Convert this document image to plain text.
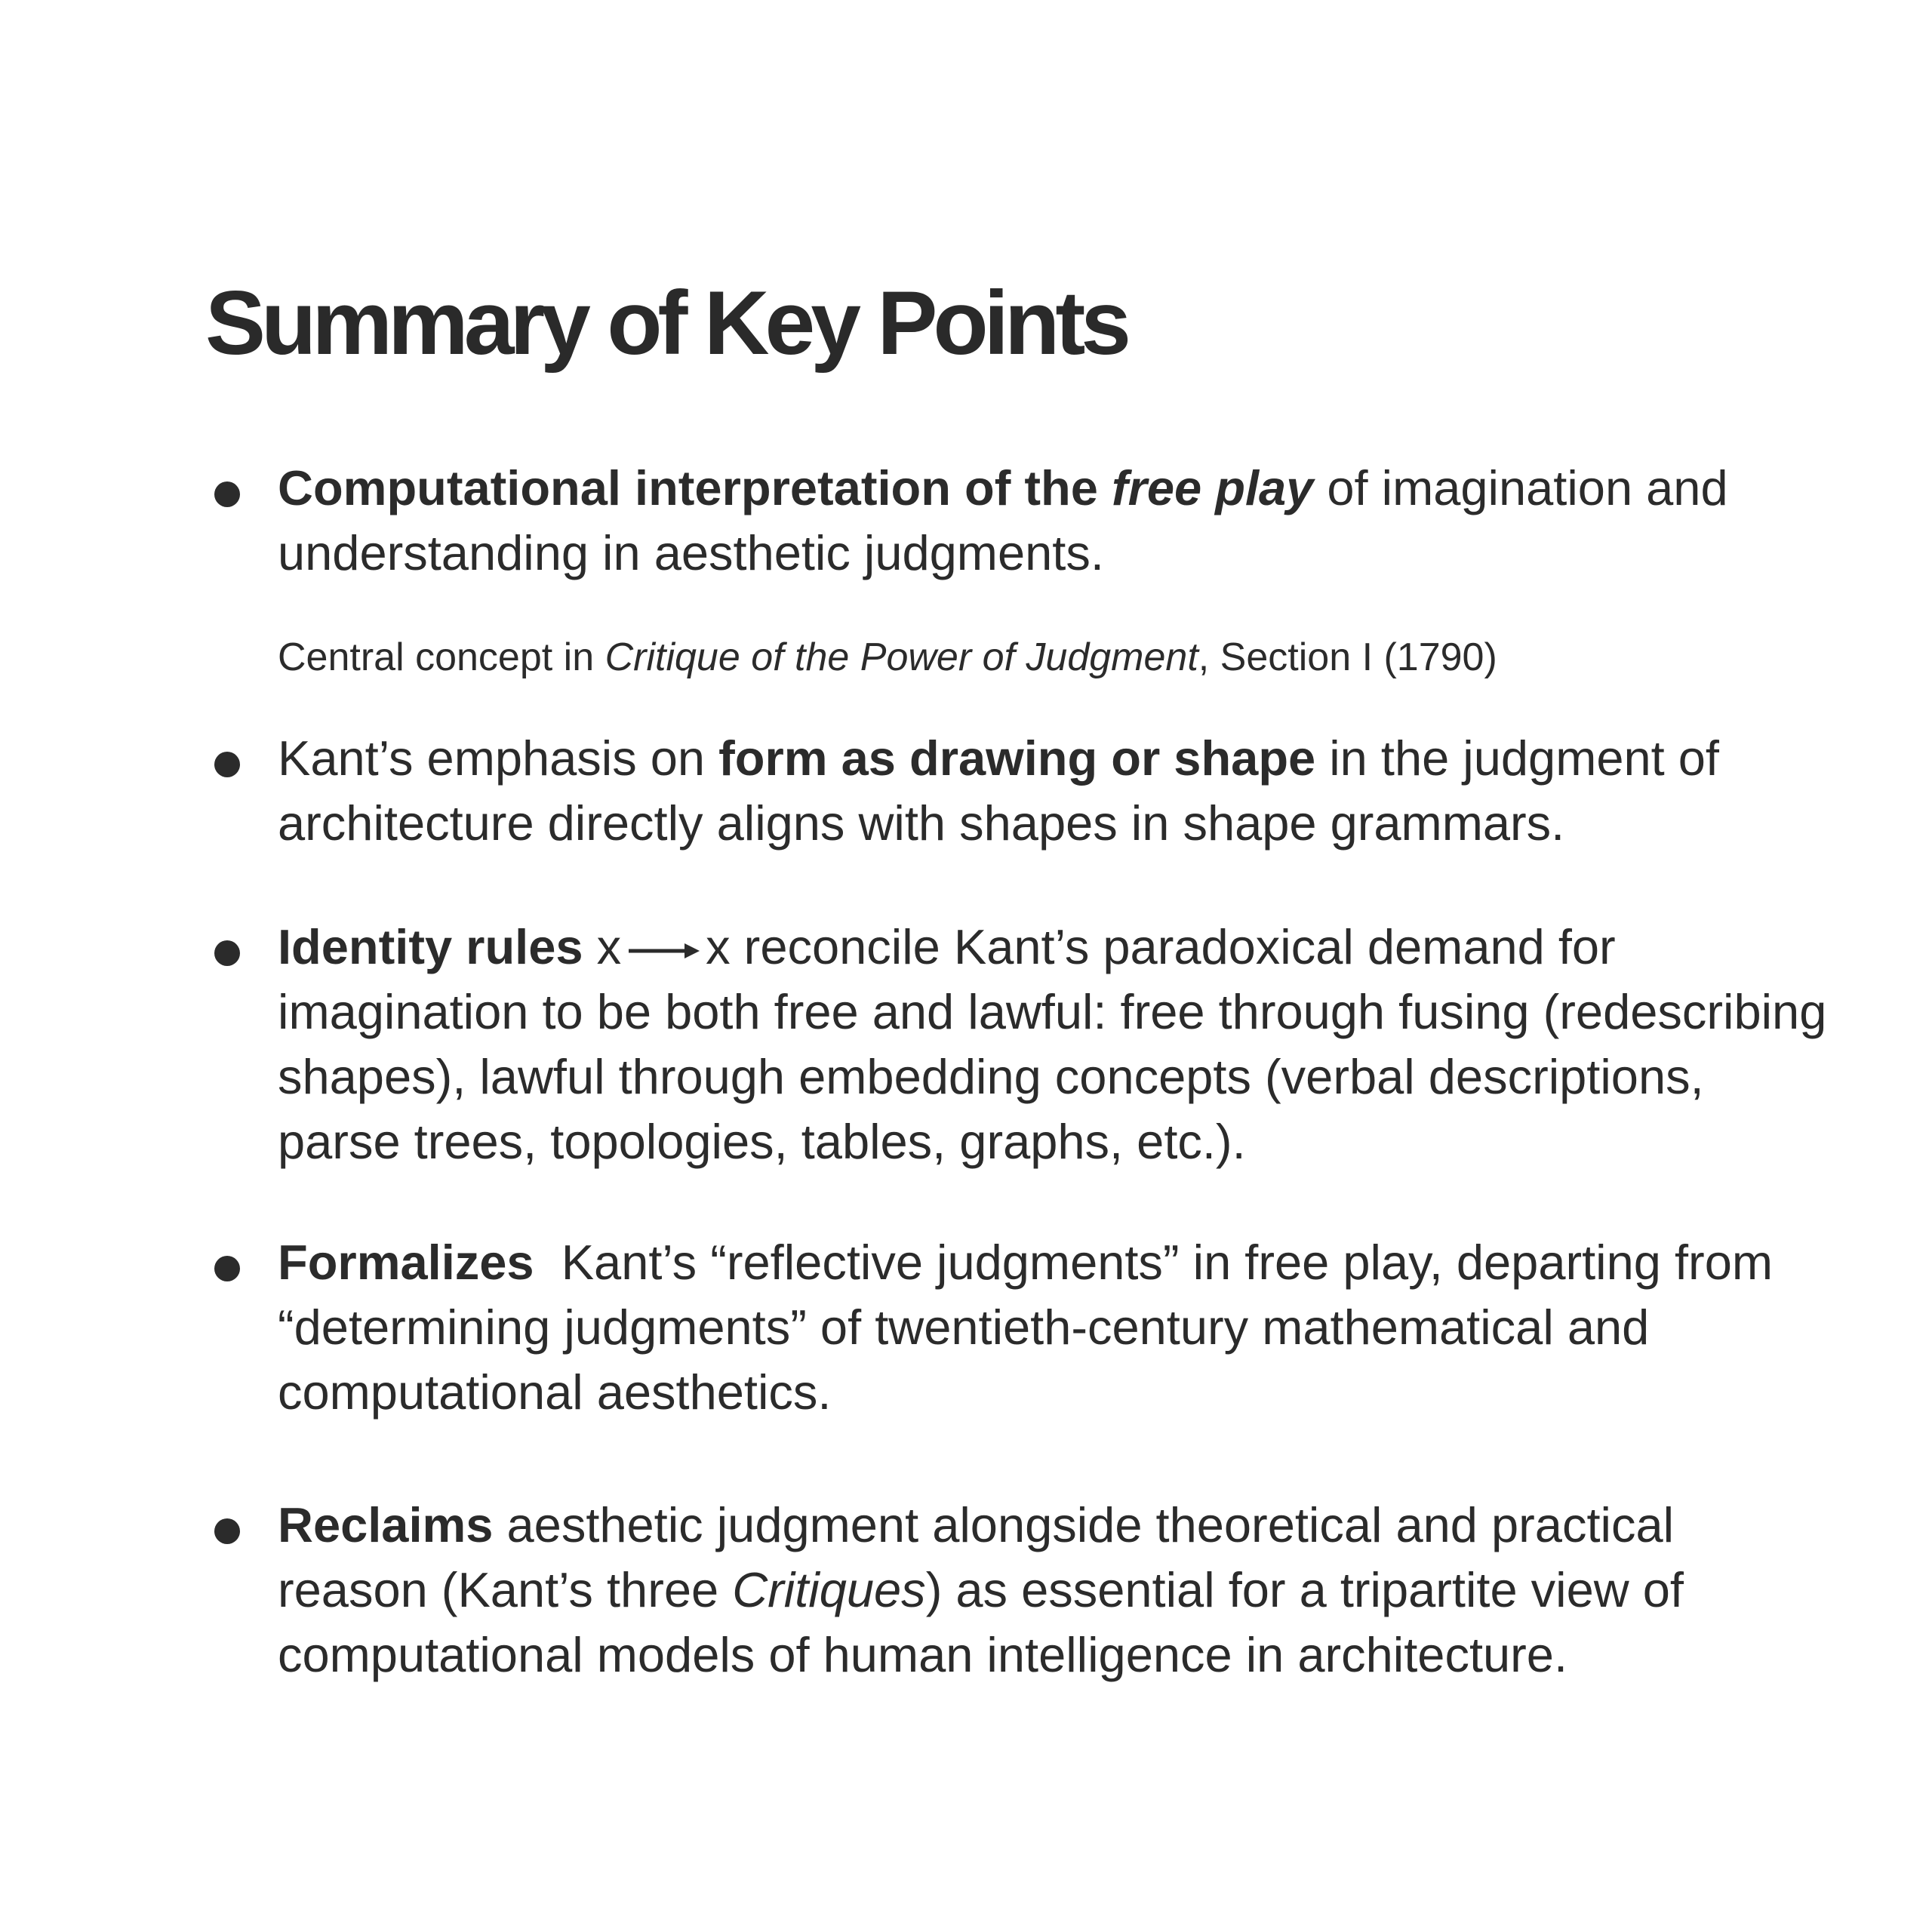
Summary of Key Points

Computational interpretation of the free play of imagination and understanding in aesthetic judgments.

Central concept in Critique of the Power of Judgment, Section I (1790)

Kant’s emphasis on form as drawing or shape in the judgment of architecture directly aligns with shapes in shape grammars.

Identity rules x x reconcile Kant’s paradoxical demand for imagination to be both free and lawful: free through fusing (redescribing shapes), lawful through embedding concepts (verbal descriptions, parse trees, topologies, tables, graphs, etc.).

Formalizes  Kant’s “reflective judgments” in free play, departing from “determining judgments” of twentieth-century mathematical and computational aesthetics.

Reclaims aesthetic judgment alongside theoretical and practical reason (Kant’s three Critiques) as essential for a tripartite view of computational models of human intelligence in architecture.
